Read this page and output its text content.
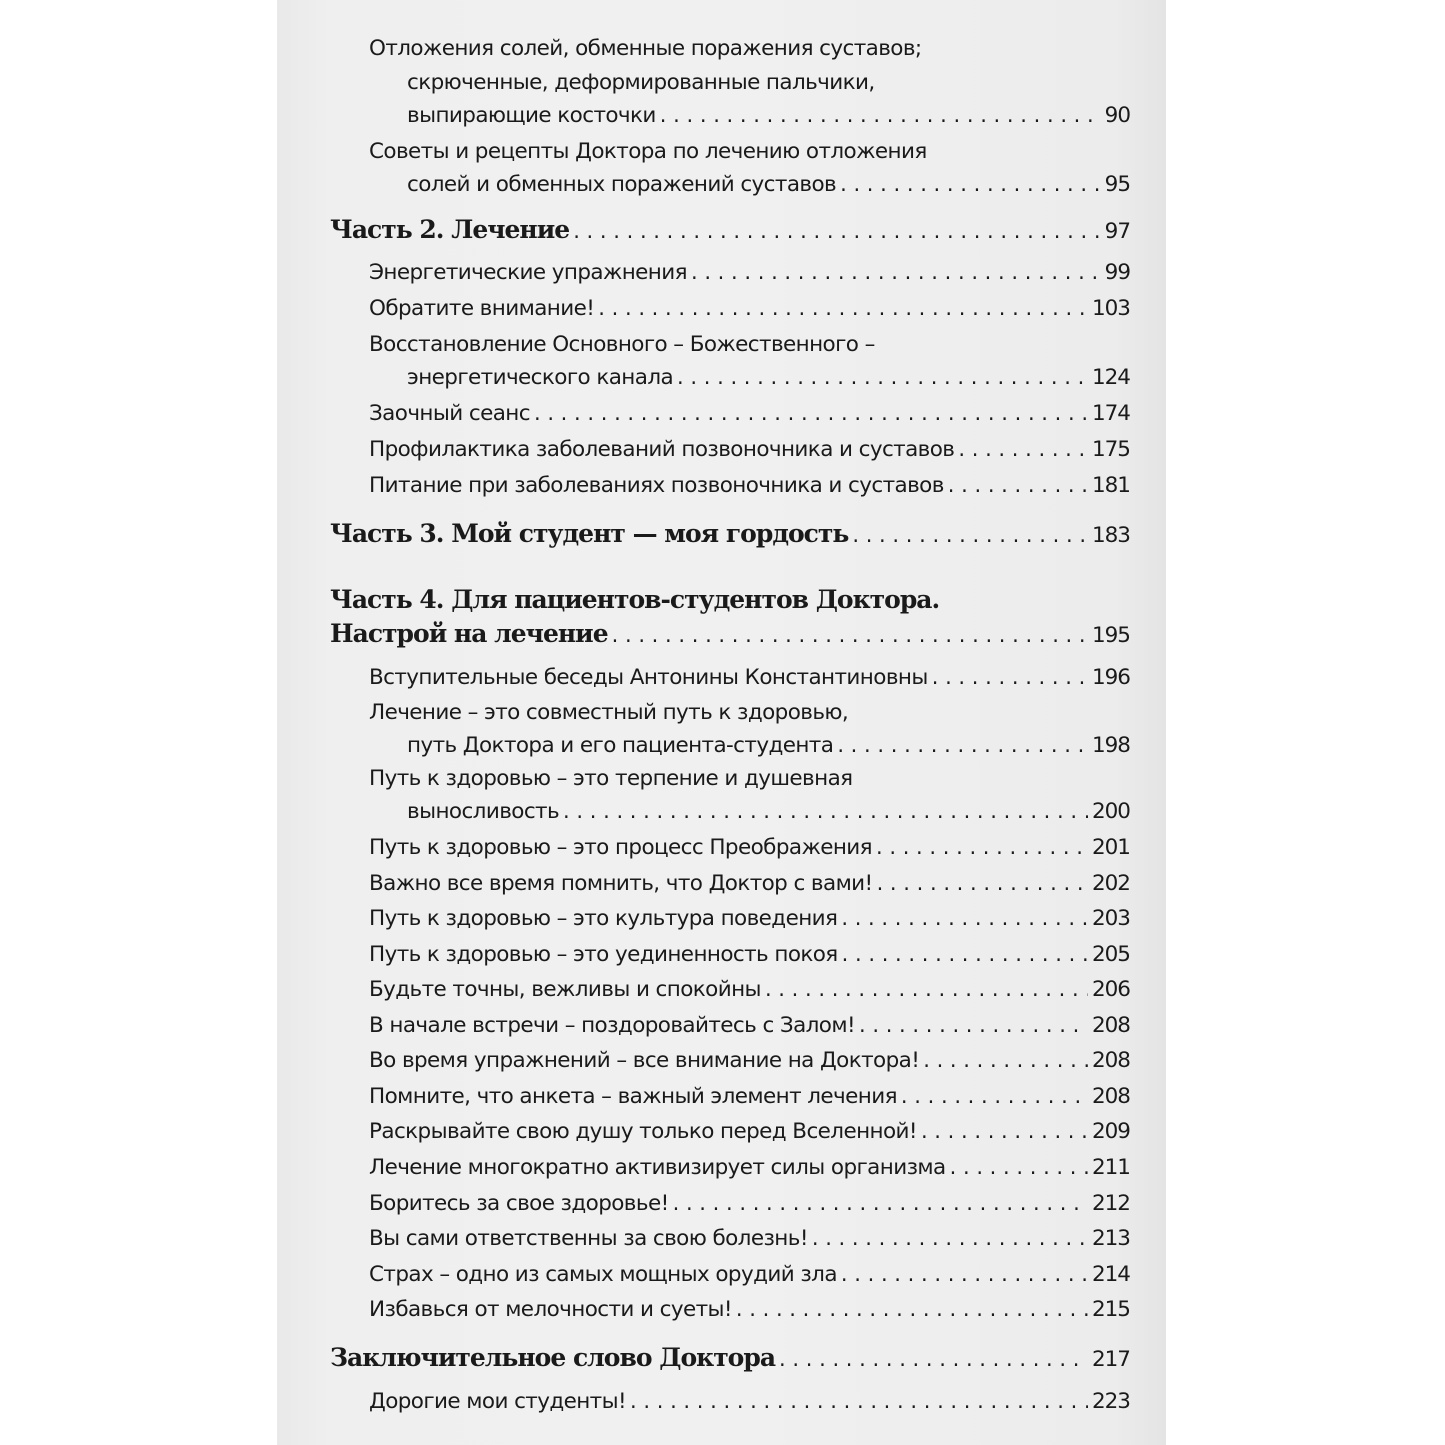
Отложения солей, обменные поражения суставов;
скрюченные, деформированные пальчики,
выпирающие косточки . . .	90
Советы и рецепты Доктора по лечению отложения
солей и обменных поражений суставов . . .	95
Часть 2. Лечение . . .	97
Энергетические упражнения . . .	99
Обратите внимание! . . .	103
Восстановление Основного – Божественного –
энергетического канала . . .	124
Заочный сеанс . . .	174
Профилактика заболеваний позвоночника и суставов . . .	175
Питание при заболеваниях позвоночника и суставов . . .	181
Часть 3. Мой студент — моя гордость . . .	183
Часть 4. Для пациентов-студентов Доктора.
Настрой на лечение . . .	195
Вступительные беседы Антонины Константиновны . . .	196
Лечение – это совместный путь к здоровью,
путь Доктора и его пациента-студента . . .	198
Путь к здоровью – это терпение и душевная
выносливость . . .	200
Путь к здоровью – это процесс Преображения . . .	201
Важно все время помнить, что Доктор с вами! . . .	202
Путь к здоровью – это культура поведения . . .	203
Путь к здоровью – это уединенность покоя . . .	205
Будьте точны, вежливы и спокойны . . .	206
В начале встречи – поздоровайтесь с Залом! . . .	208
Во время упражнений – все внимание на Доктора! . . .	208
Помните, что анкета – важный элемент лечения . . .	208
Раскрывайте свою душу только перед Вселенной! . . .	209
Лечение многократно активизирует силы организма . . .	211
Боритесь за свое здоровье! . . .	212
Вы сами ответственны за свою болезнь! . . .	213
Страх – одно из самых мощных орудий зла . . .	214
Избавься от мелочности и суеты! . . .	215
Заключительное слово Доктора . . .	217
Дорогие мои студенты! . . .	223
